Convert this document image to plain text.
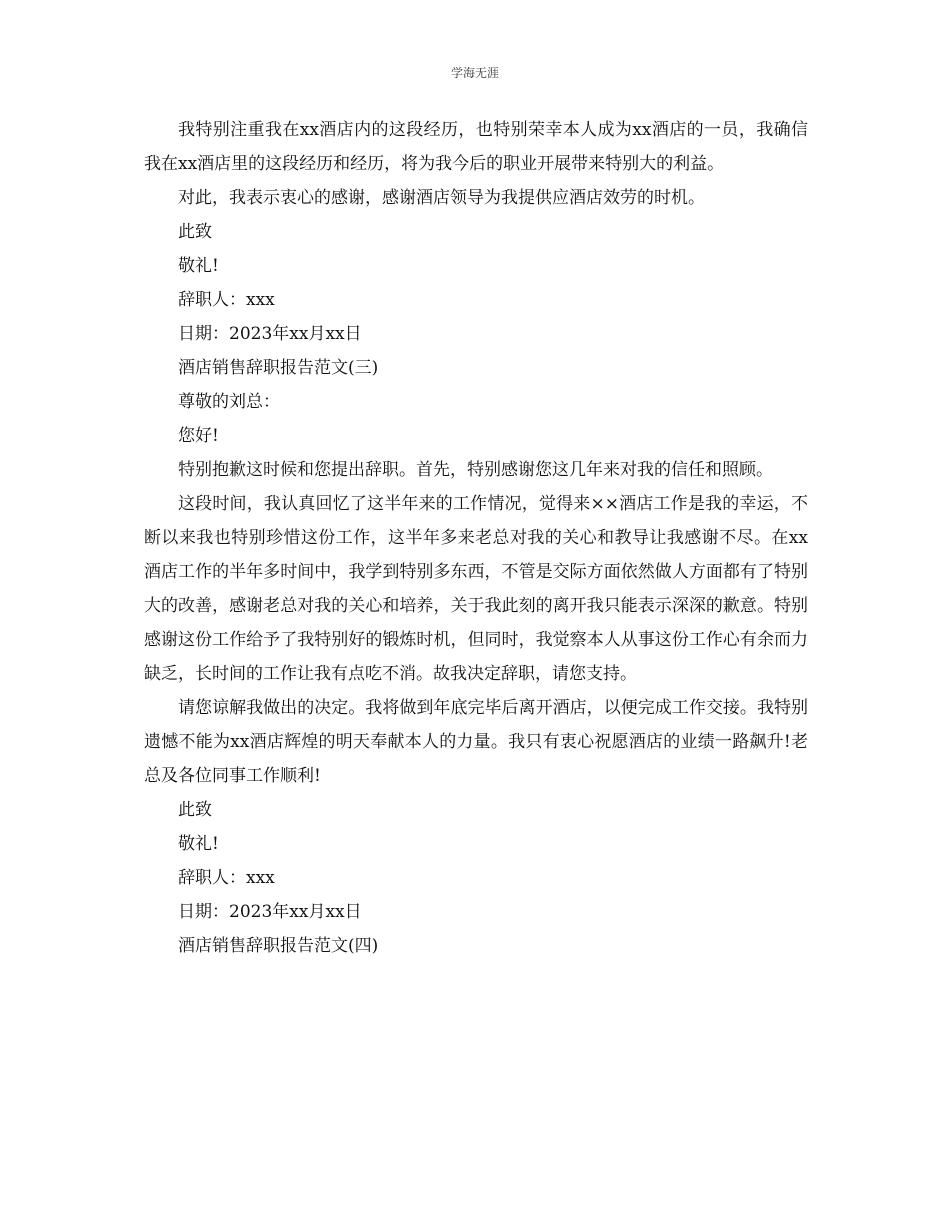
学海无涯

我特别注重我在xx酒店内的这段经历，也特别荣幸本人成为xx酒店的一员，我确信我在xx酒店里的这段经历和经历，将为我今后的职业开展带来特别大的利益。

对此，我表示衷心的感谢，感谢酒店领导为我提供应酒店效劳的时机。

此致

敬礼!

辞职人：xxx

日期：2023年xx月xx日

酒店销售辞职报告范文(三)

尊敬的刘总：

您好!

特别抱歉这时候和您提出辞职。首先，特别感谢您这几年来对我的信任和照顾。

这段时间，我认真回忆了这半年来的工作情况，觉得来××酒店工作是我的幸运，不断以来我也特别珍惜这份工作，这半年多来老总对我的关心和教导让我感谢不尽。在xx酒店工作的半年多时间中，我学到特别多东西，不管是交际方面依然做人方面都有了特别大的改善，感谢老总对我的关心和培养，关于我此刻的离开我只能表示深深的歉意。特别感谢这份工作给予了我特别好的锻炼时机，但同时，我觉察本人从事这份工作心有余而力缺乏，长时间的工作让我有点吃不消。故我决定辞职，请您支持。

请您谅解我做出的决定。我将做到年底完毕后离开酒店，以便完成工作交接。我特别遗憾不能为xx酒店辉煌的明天奉献本人的力量。我只有衷心祝愿酒店的业绩一路飙升!老总及各位同事工作顺利!

此致

敬礼!

辞职人：xxx

日期：2023年xx月xx日

酒店销售辞职报告范文(四)
